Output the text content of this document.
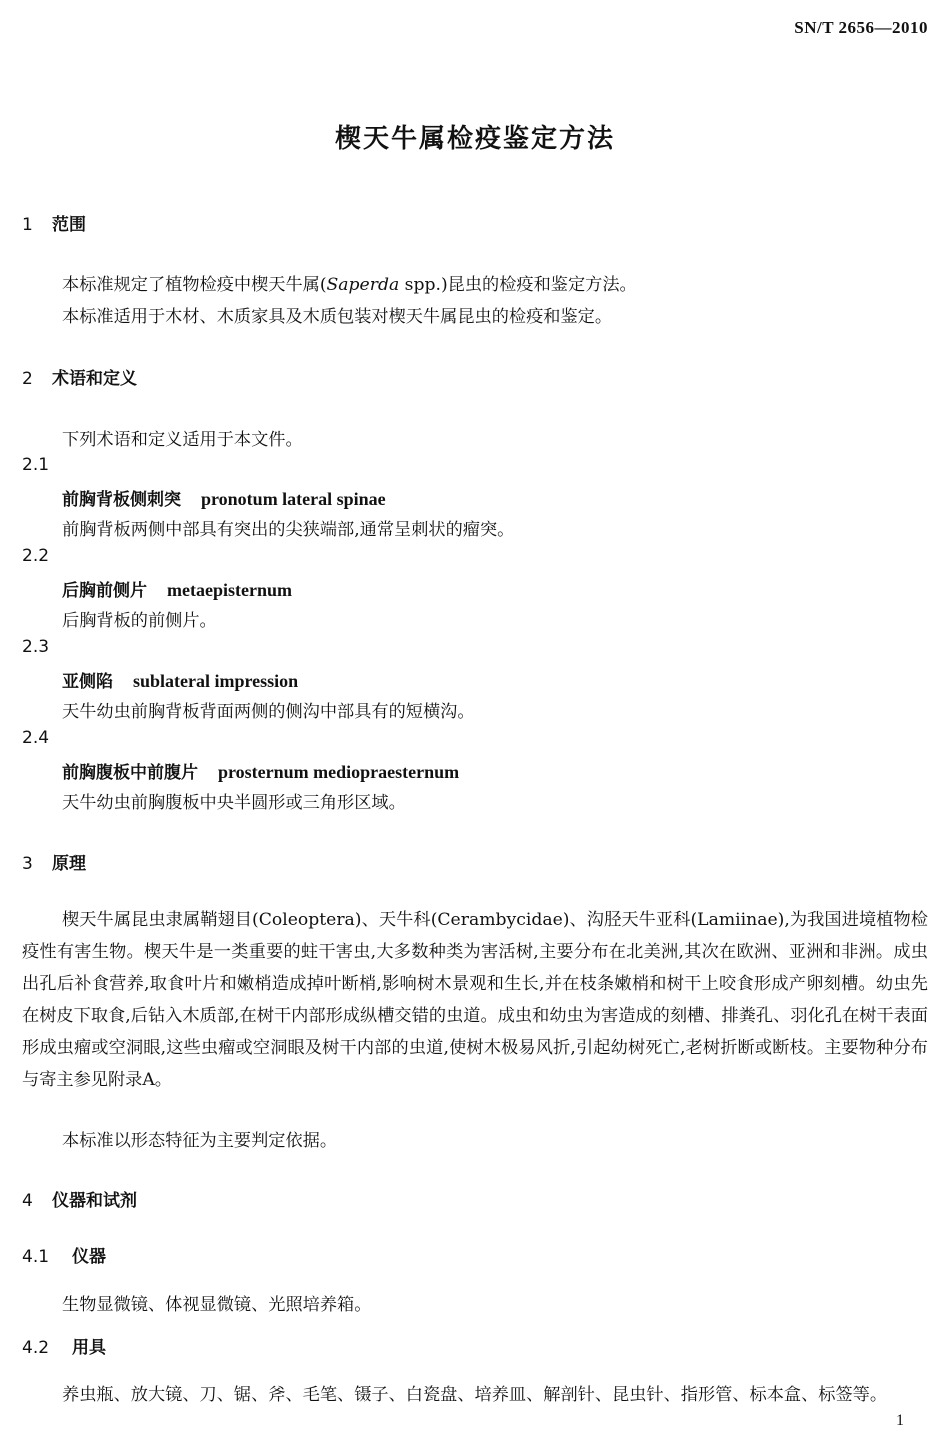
SN/T 2656—2010
楔天牛属检疫鉴定方法
1 范围
本标准规定了植物检疫中楔天牛属(Saperda spp.)昆虫的检疫和鉴定方法。
本标准适用于木材、木质家具及木质包装对楔天牛属昆虫的检疫和鉴定。
2 术语和定义
下列术语和定义适用于本文件。
2.1
前胸背板侧刺突 pronotum lateral spinae
前胸背板两侧中部具有突出的尖狭端部,通常呈刺状的瘤突。
2.2
后胸前侧片 metaepisternum
后胸背板的前侧片。
2.3
亚侧陷 sublateral impression
天牛幼虫前胸背板背面两侧的侧沟中部具有的短横沟。
2.4
前胸腹板中前腹片 prosternum mediopraesternum
天牛幼虫前胸腹板中央半圆形或三角形区域。
3 原理
楔天牛属昆虫隶属鞘翅目(Coleoptera)、天牛科(Cerambycidae)、沟胫天牛亚科(Lamiinae),为我国进境植物检疫性有害生物。楔天牛是一类重要的蛀干害虫,大多数种类为害活树,主要分布在北美洲,其次在欧洲、亚洲和非洲。成虫出孔后补食营养,取食叶片和嫩梢造成掉叶断梢,影响树木景观和生长,并在枝条嫩梢和树干上咬食形成产卵刻槽。幼虫先在树皮下取食,后钻入木质部,在树干内部形成纵槽交错的虫道。成虫和幼虫为害造成的刻槽、排粪孔、羽化孔在树干表面形成虫瘤或空洞眼,这些虫瘤或空洞眼及树干内部的虫道,使树木极易风折,引起幼树死亡,老树折断或断枝。主要物种分布与寄主参见附录A。
本标准以形态特征为主要判定依据。
4 仪器和试剂
4.1 仪器
生物显微镜、体视显微镜、光照培养箱。
4.2 用具
养虫瓶、放大镜、刀、锯、斧、毛笔、镊子、白瓷盘、培养皿、解剖针、昆虫针、指形管、标本盒、标签等。
1
